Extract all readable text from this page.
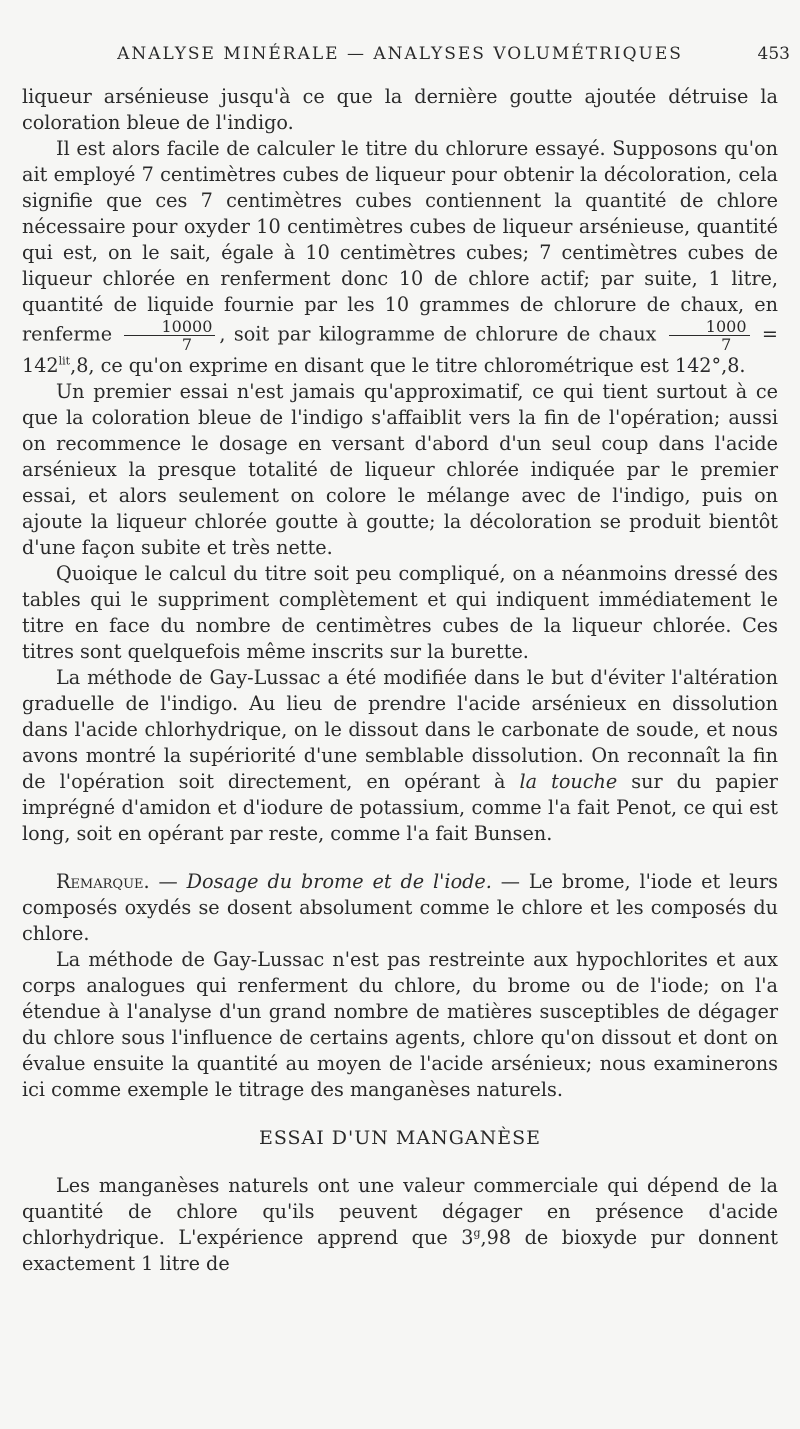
ANALYSE MINÉRALE — ANALYSES VOLUMÉTRIQUES	453

liqueur arsénieuse jusqu'à ce que la dernière goutte ajoutée détruise la coloration bleue de l'indigo.

Il est alors facile de calculer le titre du chlorure essayé. Supposons qu'on ait employé 7 centimètres cubes de liqueur pour obtenir la décoloration, cela signifie que ces 7 centimètres cubes contiennent la quantité de chlore nécessaire pour oxyder 10 centimètres cubes de liqueur arsénieuse, quantité qui est, on le sait, égale à 10 centimètres cubes; 7 centimètres cubes de liqueur chlorée en renferment donc 10 de chlore actif; par suite, 1 litre, quantité de liquide fournie par les 10 grammes de chlorure de chaux, en renferme $\frac{10000}{7}$ , soit par kilogramme de chlorure de chaux $\frac{1000}{7} = 142^{lit},8$, ce qu'on exprime en disant que le titre chlorométrique est 142°,8.

Un premier essai n'est jamais qu'approximatif, ce qui tient surtout à ce que la coloration bleue de l'indigo s'affaiblit vers la fin de l'opération; aussi on recommence le dosage en versant d'abord d'un seul coup dans l'acide arsénieux la presque totalité de liqueur chlorée indiquée par le premier essai, et alors seulement on colore le mélange avec de l'indigo, puis on ajoute la liqueur chlorée goutte à goutte; la décoloration se produit bientôt d'une façon subite et très nette.

Quoique le calcul du titre soit peu compliqué, on a néanmoins dressé des tables qui le suppriment complètement et qui indiquent immédiatement le titre en face du nombre de centimètres cubes de la liqueur chlorée. Ces titres sont quelquefois même inscrits sur la burette.

La méthode de Gay-Lussac a été modifiée dans le but d'éviter l'altération graduelle de l'indigo. Au lieu de prendre l'acide arsénieux en dissolution dans l'acide chlorhydrique, on le dissout dans le carbonate de soude, et nous avons montré la supériorité d'une semblable dissolution. On reconnaît la fin de l'opération soit directement, en opérant à la touche sur du papier imprégné d'amidon et d'iodure de potassium, comme l'a fait Penot, ce qui est long, soit en opérant par reste, comme l'a fait Bunsen.

Remarque. — Dosage du brome et de l'iode. — Le brome, l'iode et leurs composés oxydés se dosent absolument comme le chlore et les composés du chlore.

La méthode de Gay-Lussac n'est pas restreinte aux hypochlorites et aux corps analogues qui renferment du chlore, du brome ou de l'iode; on l'a étendue à l'analyse d'un grand nombre de matières susceptibles de dégager du chlore sous l'influence de certains agents, chlore qu'on dissout et dont on évalue ensuite la quantité au moyen de l'acide arsénieux; nous examinerons ici comme exemple le titrage des manganèses naturels.

ESSAI D'UN MANGANÈSE

Les manganèses naturels ont une valeur commerciale qui dépend de la quantité de chlore qu'ils peuvent dégager en présence d'acide chlorhydrique. L'expérience apprend que 3$^g$,98 de bioxyde pur donnent exactement 1 litre de
